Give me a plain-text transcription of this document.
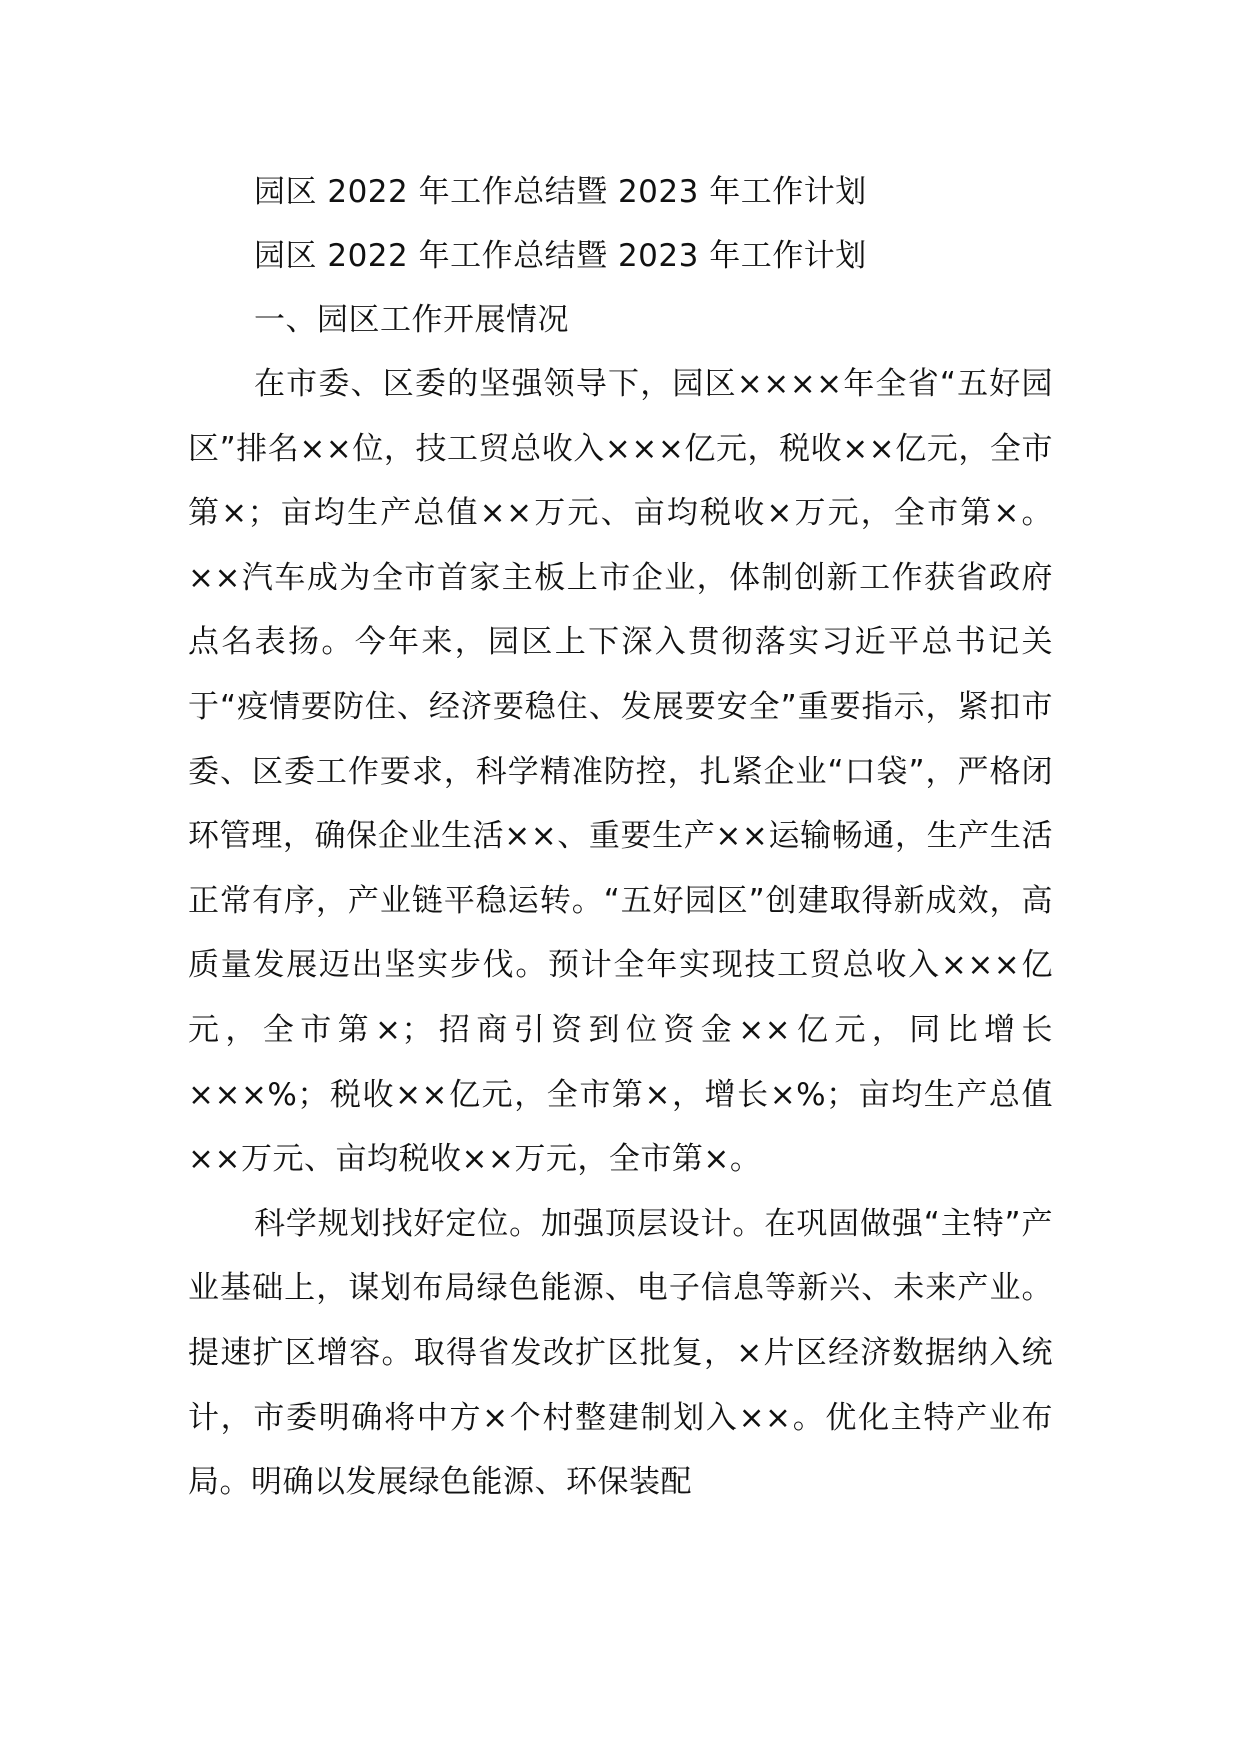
园区 2022 年工作总结暨 2023 年工作计划

园区 2022 年工作总结暨 2023 年工作计划

一、园区工作开展情况

在市委、区委的坚强领导下，园区××××年全省“五好园区”排名××位，技工贸总收入×××亿元，税收××亿元，全市第×；亩均生产总值××万元、亩均税收×万元，全市第×。××汽车成为全市首家主板上市企业，体制创新工作获省政府点名表扬。今年来，园区上下深入贯彻落实习近平总书记关于“疫情要防住、经济要稳住、发展要安全”重要指示，紧扣市委、区委工作要求，科学精准防控，扎紧企业“口袋”，严格闭环管理，确保企业生活××、重要生产××运输畅通，生产生活正常有序，产业链平稳运转。“五好园区”创建取得新成效，高质量发展迈出坚实步伐。预计全年实现技工贸总收入×××亿元，全市第×；招商引资到位资金××亿元，同比增长×××%；税收××亿元，全市第×，增长×%；亩均生产总值××万元、亩均税收××万元，全市第×。

科学规划找好定位。加强顶层设计。在巩固做强“主特”产业基础上，谋划布局绿色能源、电子信息等新兴、未来产业。提速扩区增容。取得省发改扩区批复，×片区经济数据纳入统计，市委明确将中方×个村整建制划入××。优化主特产业布局。明确以发展绿色能源、环保装配
